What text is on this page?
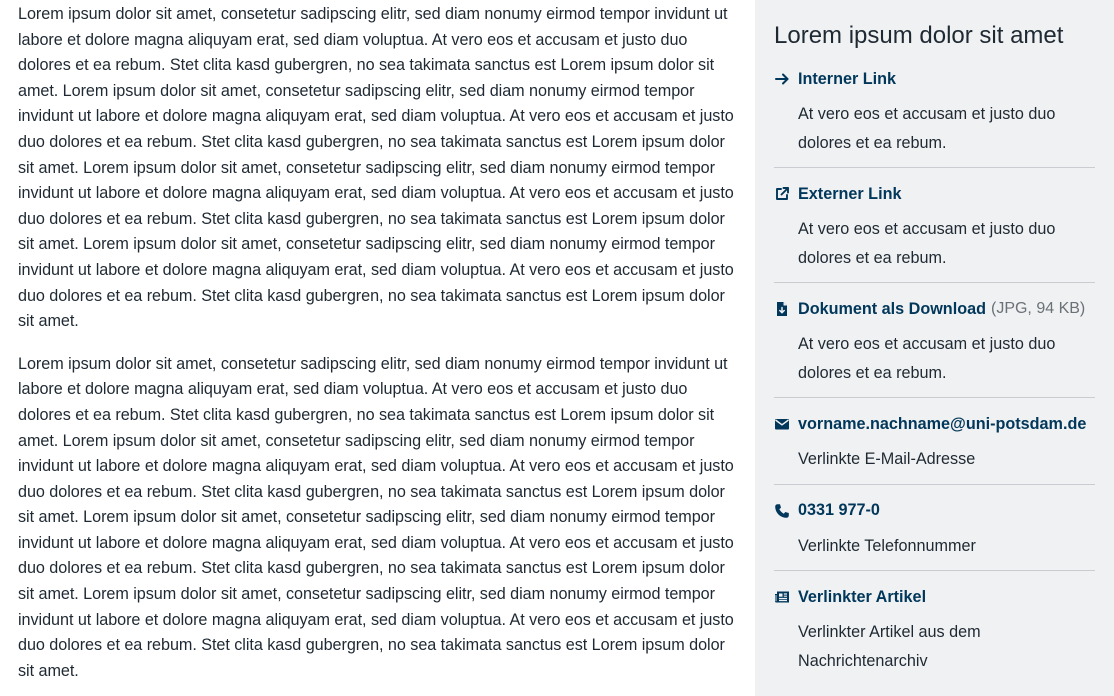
Lorem ipsum dolor sit amet, consetetur sadipscing elitr, sed diam nonumy eirmod tempor invidunt ut labore et dolore magna aliquyam erat, sed diam voluptua. At vero eos et accusam et justo duo dolores et ea rebum. Stet clita kasd gubergren, no sea takimata sanctus est Lorem ipsum dolor sit amet. Lorem ipsum dolor sit amet, consetetur sadipscing elitr, sed diam nonumy eirmod tempor invidunt ut labore et dolore magna aliquyam erat, sed diam voluptua. At vero eos et accusam et justo duo dolores et ea rebum. Stet clita kasd gubergren, no sea takimata sanctus est Lorem ipsum dolor sit amet. Lorem ipsum dolor sit amet, consetetur sadipscing elitr, sed diam nonumy eirmod tempor invidunt ut labore et dolore magna aliquyam erat, sed diam voluptua. At vero eos et accusam et justo duo dolores et ea rebum. Stet clita kasd gubergren, no sea takimata sanctus est Lorem ipsum dolor sit amet. Lorem ipsum dolor sit amet, consetetur sadipscing elitr, sed diam nonumy eirmod tempor invidunt ut labore et dolore magna aliquyam erat, sed diam voluptua. At vero eos et accusam et justo duo dolores et ea rebum. Stet clita kasd gubergren, no sea takimata sanctus est Lorem ipsum dolor sit amet.

Lorem ipsum dolor sit amet, consetetur sadipscing elitr, sed diam nonumy eirmod tempor invidunt ut labore et dolore magna aliquyam erat, sed diam voluptua. At vero eos et accusam et justo duo dolores et ea rebum. Stet clita kasd gubergren, no sea takimata sanctus est Lorem ipsum dolor sit amet. Lorem ipsum dolor sit amet, consetetur sadipscing elitr, sed diam nonumy eirmod tempor invidunt ut labore et dolore magna aliquyam erat, sed diam voluptua. At vero eos et accusam et justo duo dolores et ea rebum. Stet clita kasd gubergren, no sea takimata sanctus est Lorem ipsum dolor sit amet. Lorem ipsum dolor sit amet, consetetur sadipscing elitr, sed diam nonumy eirmod tempor invidunt ut labore et dolore magna aliquyam erat, sed diam voluptua. At vero eos et accusam et justo duo dolores et ea rebum. Stet clita kasd gubergren, no sea takimata sanctus est Lorem ipsum dolor sit amet. Lorem ipsum dolor sit amet, consetetur sadipscing elitr, sed diam nonumy eirmod tempor invidunt ut labore et dolore magna aliquyam erat, sed diam voluptua. At vero eos et accusam et justo duo dolores et ea rebum. Stet clita kasd gubergren, no sea takimata sanctus est Lorem ipsum dolor sit amet.

Lorem ipsum dolor sit amet
Interner Link
At vero eos et accusam et justo duo dolores et ea rebum.
Externer Link
At vero eos et accusam et justo duo dolores et ea rebum.
Dokument als Download (JPG, 94 KB)
At vero eos et accusam et justo duo dolores et ea rebum.
vorname.nachname@uni-potsdam.de
Verlinkte E-Mail-Adresse
0331 977-0
Verlinkte Telefonnummer
Verlinkter Artikel
Verlinkter Artikel aus dem Nachrichtenarchiv
